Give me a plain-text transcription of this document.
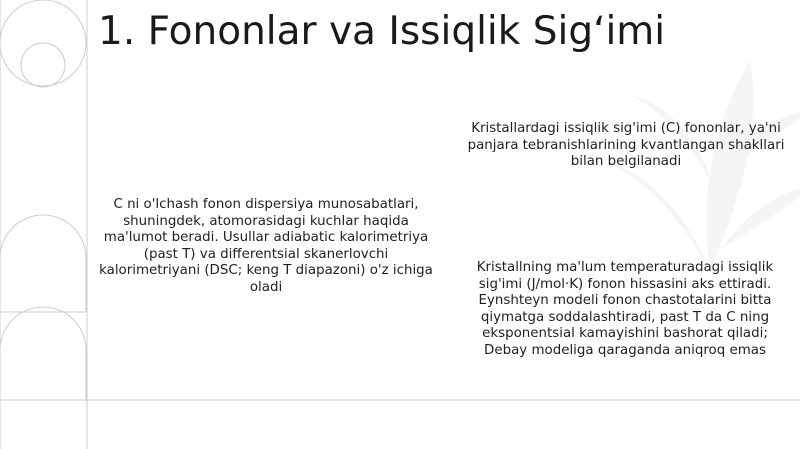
1. Fononlar va Issiqlik Sig‘imi

Kristallardagi issiqlik sig'imi (C) fononlar, ya'ni panjara tebranishlarining kvantlangan shakllari bilan belgilanadi

C ni o'lchash fonon dispersiya munosabatlari, shuningdek, atomorasidagi kuchlar haqida ma'lumot beradi. Usullar adiabatic kalorimetriya (past T) va differentsial skanerlovchi kalorimetriyani (DSC; keng T diapazoni) o'z ichiga oladi

Kristallning ma'lum temperaturadagi issiqlik sig'imi (J/mol·K) fonon hissasini aks ettiradi. Eynshteyn modeli fonon chastotalarini bitta qiymatga soddalashtiradi, past T da C ning eksponentsial kamayishini bashorat qiladi; Debay modeliga qaraganda aniqroq emas
